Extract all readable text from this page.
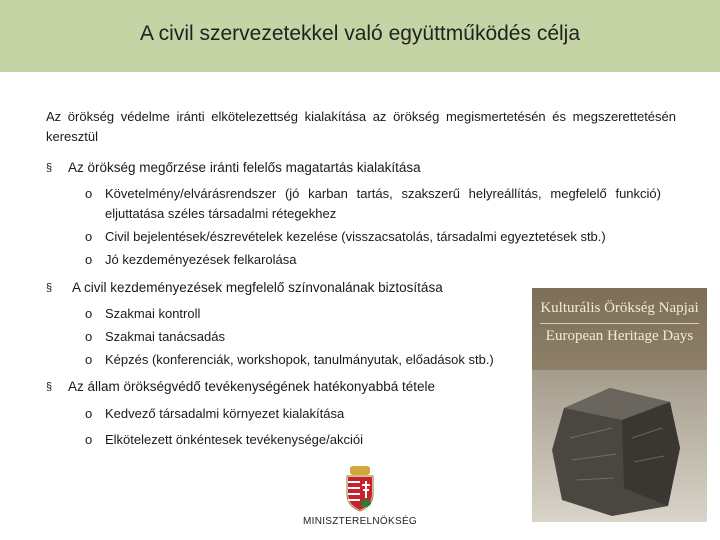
A civil szervezetekkel való együttműködés célja
Az örökség védelme iránti elkötelezettség kialakítása az örökség megismertetésén és megszerettetésén keresztül
§ Az örökség megőrzése iránti felelős magatartás kialakítása
o Követelmény/elvárásrendszer (jó karban tartás, szakszerű helyreállítás, megfelelő funkció) eljuttatása széles társadalmi rétegekhez
o Civil bejelentések/észrevételek kezelése (visszacsatolás, társadalmi egyeztetések stb.)
o Jó kezdeményezések felkarolása
§ A civil kezdeményezések megfelelő színvonalának biztosítása
o Szakmai kontroll
o Szakmai tanácsadás
o Képzés (konferenciák, workshopok, tanulmányutak, előadások stb.)
§ Az állam örökségvédő tevékenységének hatékonyabbá tétele
o Kedvező társadalmi környezet kialakítása
o Elkötelezett önkéntesek tevékenysége/akciói
Kulturális Örökség Napjai
European Heritage Days
MINISZTERELNÖKSÉG
